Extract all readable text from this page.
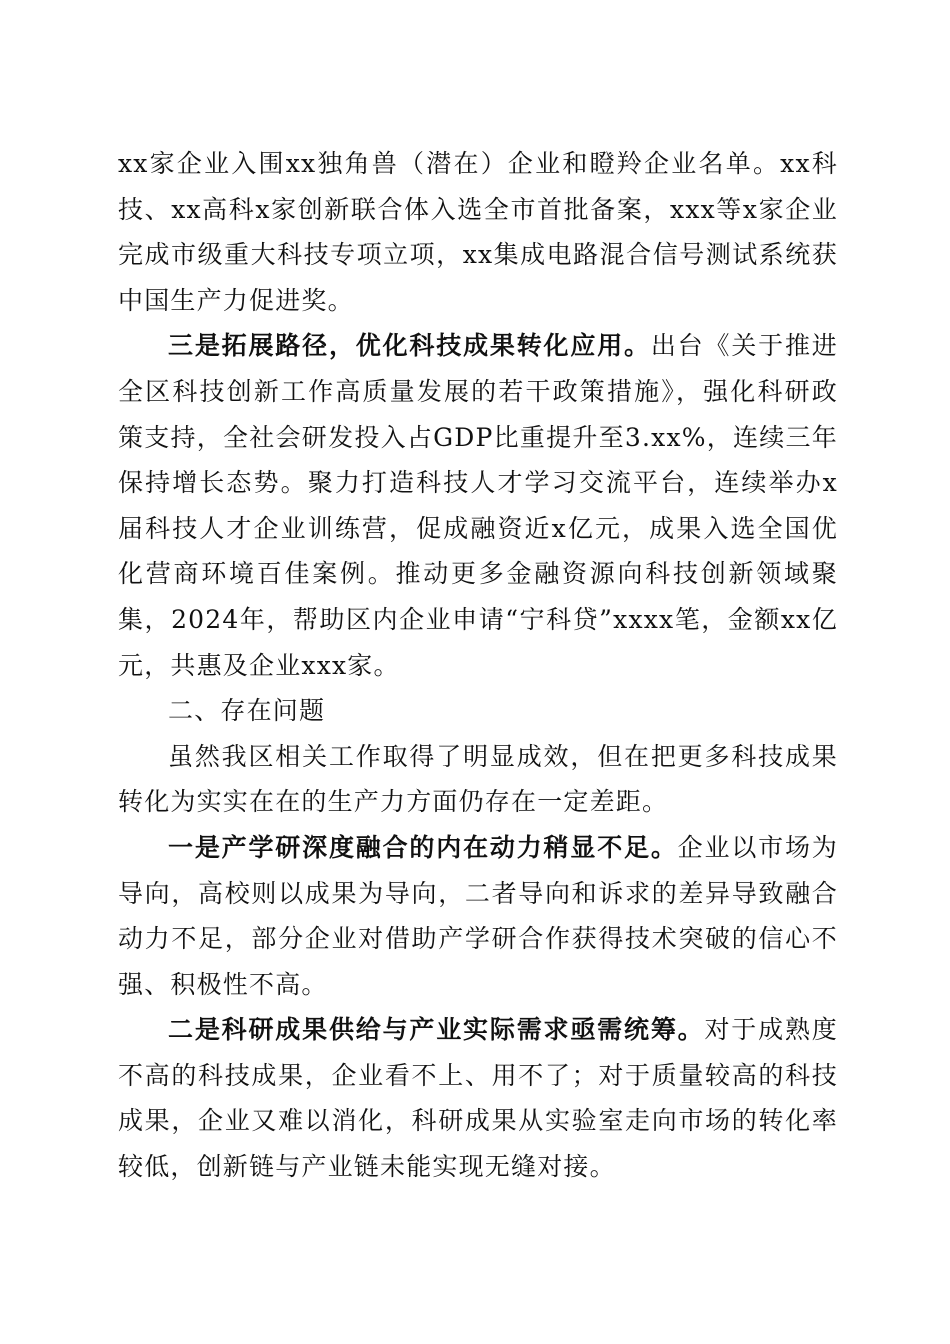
xx家企业入围xx独角兽（潜在）企业和瞪羚企业名单。xx科技、xx高科x家创新联合体入选全市首批备案，xxx等x家企业完成市级重大科技专项立项，xx集成电路混合信号测试系统获中国生产力促进奖。

三是拓展路径，优化科技成果转化应用。出台《关于推进全区科技创新工作高质量发展的若干政策措施》，强化科研政策支持，全社会研发投入占GDP比重提升至3.xx%，连续三年保持增长态势。聚力打造科技人才学习交流平台，连续举办x届科技人才企业训练营，促成融资近x亿元，成果入选全国优化营商环境百佳案例。推动更多金融资源向科技创新领域聚集，2024年，帮助区内企业申请“宁科贷”xxxx笔，金额xx亿元，共惠及企业xxx家。

二、存在问题

虽然我区相关工作取得了明显成效，但在把更多科技成果转化为实实在在的生产力方面仍存在一定差距。

一是产学研深度融合的内在动力稍显不足。企业以市场为导向，高校则以成果为导向，二者导向和诉求的差异导致融合动力不足，部分企业对借助产学研合作获得技术突破的信心不强、积极性不高。

二是科研成果供给与产业实际需求亟需统筹。对于成熟度不高的科技成果，企业看不上、用不了；对于质量较高的科技成果，企业又难以消化，科研成果从实验室走向市场的转化率较低，创新链与产业链未能实现无缝对接。
